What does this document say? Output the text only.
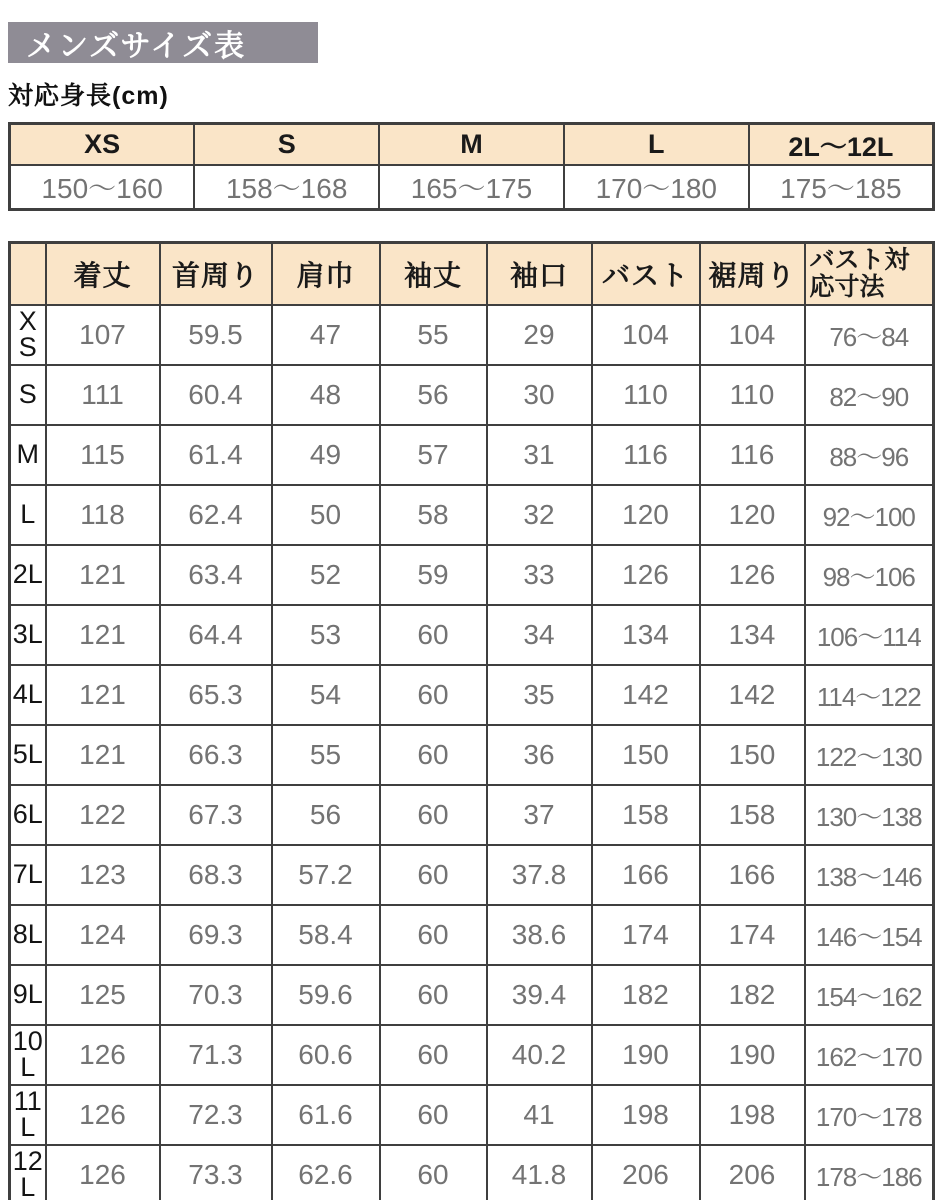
メンズサイズ表
対応身長(cm)
XS	S	M	L	2L〜12L
150〜160	158〜168	165〜175	170〜180	175〜185
	着丈	首周り	肩巾	袖丈	袖口	バスト	裾周り	バスト対応寸法
XS	107	59.5	47	55	29	104	104	76〜84
S	111	60.4	48	56	30	110	110	82〜90
M	115	61.4	49	57	31	116	116	88〜96
L	118	62.4	50	58	32	120	120	92〜100
2L	121	63.4	52	59	33	126	126	98〜106
3L	121	64.4	53	60	34	134	134	106〜114
4L	121	65.3	54	60	35	142	142	114〜122
5L	121	66.3	55	60	36	150	150	122〜130
6L	122	67.3	56	60	37	158	158	130〜138
7L	123	68.3	57.2	60	37.8	166	166	138〜146
8L	124	69.3	58.4	60	38.6	174	174	146〜154
9L	125	70.3	59.6	60	39.4	182	182	154〜162
10L	126	71.3	60.6	60	40.2	190	190	162〜170
11L	126	72.3	61.6	60	41	198	198	170〜178
12L	126	73.3	62.6	60	41.8	206	206	178〜186
